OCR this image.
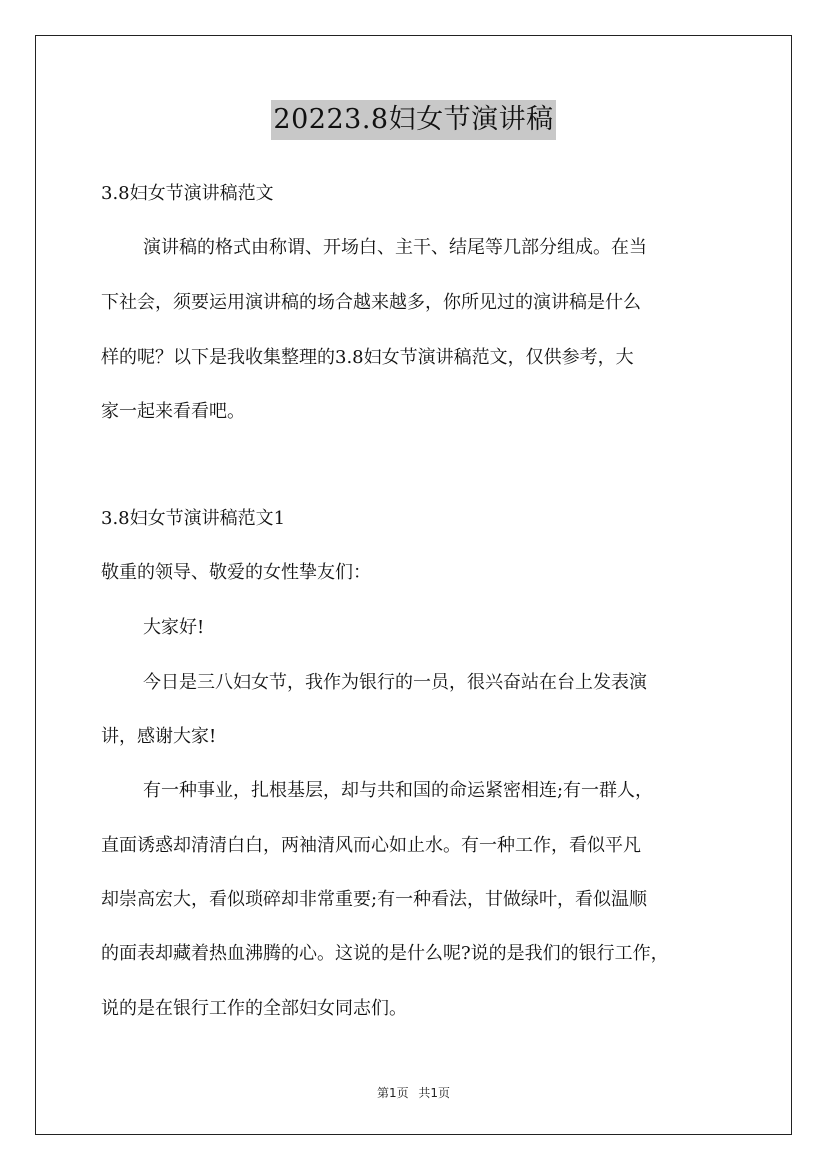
20223.8妇女节演讲稿
3.8妇女节演讲稿范文
演讲稿的格式由称谓、开场白、主干、结尾等几部分组成。在当
下社会，须要运用演讲稿的场合越来越多，你所见过的演讲稿是什么
样的呢？以下是我收集整理的3.8妇女节演讲稿范文，仅供参考，大
家一起来看看吧。
3.8妇女节演讲稿范文1
敬重的领导、敬爱的女性挚友们：
大家好!
今日是三八妇女节，我作为银行的一员，很兴奋站在台上发表演
讲，感谢大家!
有一种事业，扎根基层，却与共和国的命运紧密相连;有一群人，
直面诱惑却清清白白，两袖清风而心如止水。有一种工作，看似平凡
却崇高宏大，看似琐碎却非常重要;有一种看法，甘做绿叶，看似温顺
的面表却藏着热血沸腾的心。这说的是什么呢?说的是我们的银行工作，
说的是在银行工作的全部妇女同志们。
第1页 共1页
